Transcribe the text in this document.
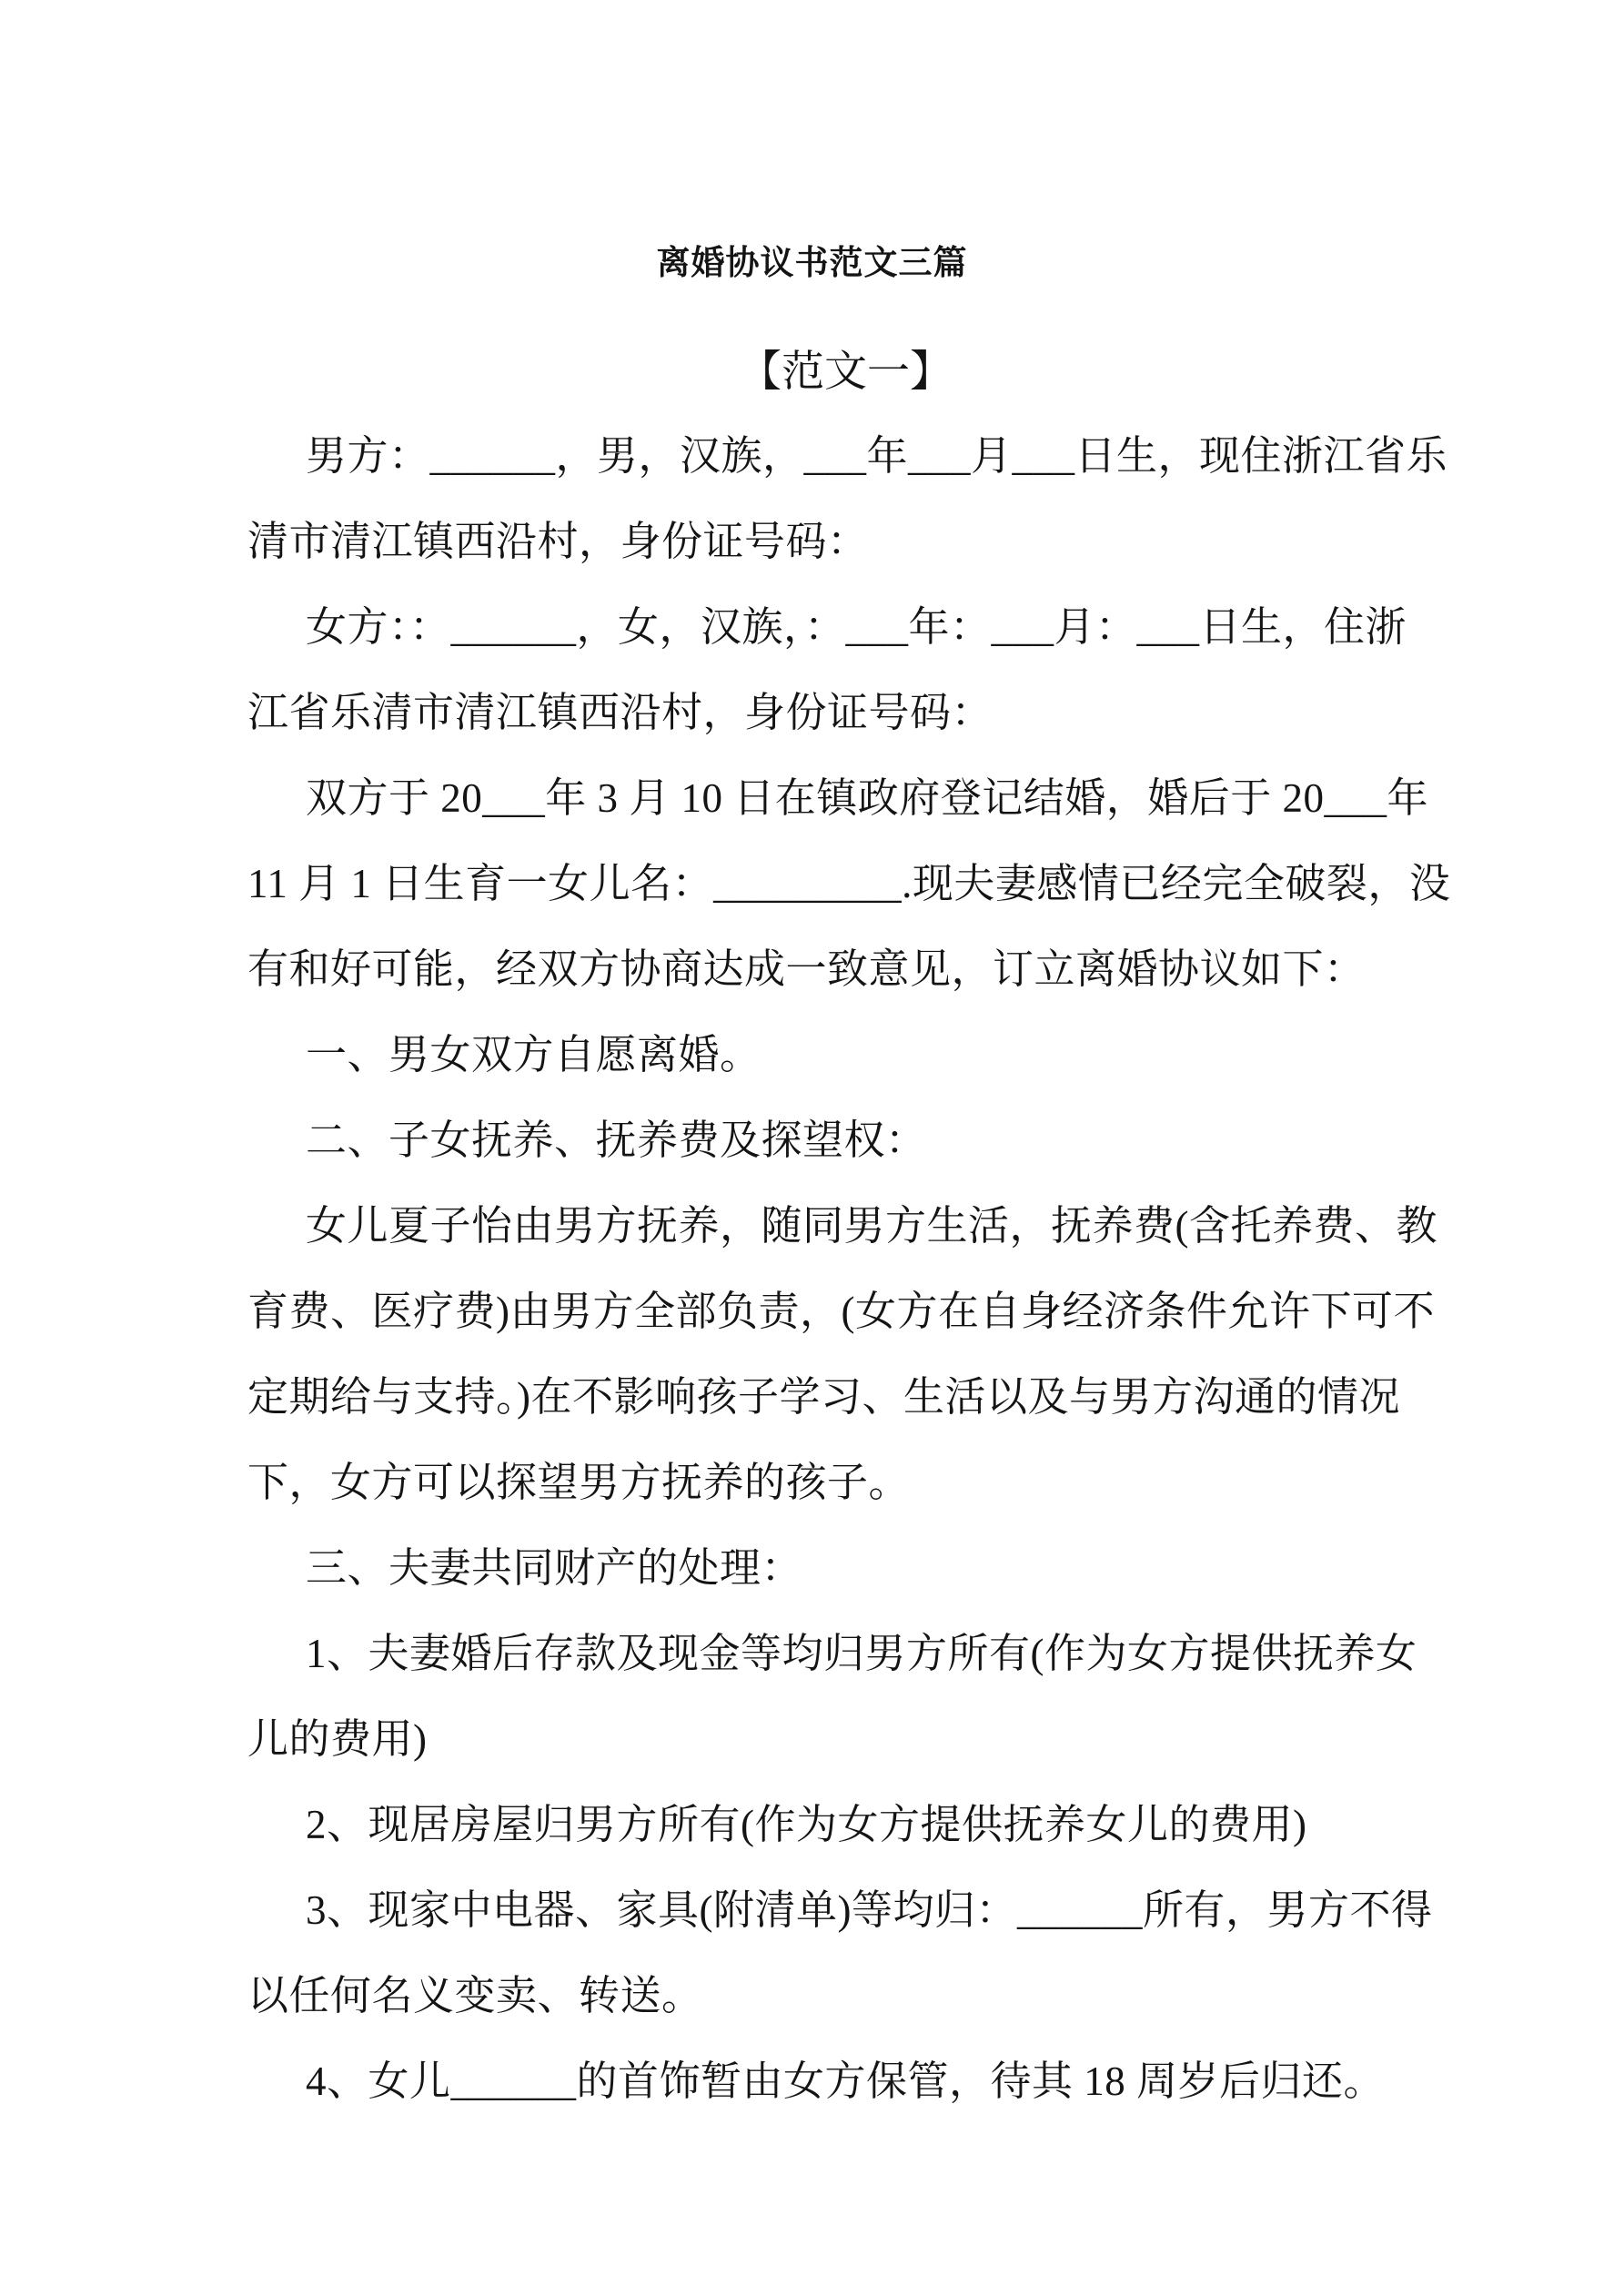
离婚协议书范文三篇
【范文一】
男方：______，男，汉族，___年___月___日生，现住浙江省乐
清市清江镇西沿村，身份证号码：
女方：：______，女，汉族，：___年：___月：___日生，住浙
江省乐清市清江镇西沿村，身份证号码：
双方于 20___年 3 月 10 日在镇政府登记结婚，婚后于 20___年
11 月 1 日生育一女儿名：_________.现夫妻感情已经完全破裂，没
有和好可能，经双方协商达成一致意见，订立离婚协议如下：
一、男女双方自愿离婚。
二、子女抚养、抚养费及探望权：
女儿夏子怡由男方抚养，随同男方生活，抚养费(含托养费、教
育费、医疗费)由男方全部负责，(女方在自身经济条件允许下可不
定期给与支持。)在不影响孩子学习、生活以及与男方沟通的情况
下，女方可以探望男方抚养的孩子。
三、夫妻共同财产的处理：
1、夫妻婚后存款及现金等均归男方所有(作为女方提供抚养女
儿的费用)
2、现居房屋归男方所有(作为女方提供抚养女儿的费用)
3、现家中电器、家具(附清单)等均归：______所有，男方不得
以任何名义变卖、转送。
4、女儿______的首饰暂由女方保管，待其 18 周岁后归还。
